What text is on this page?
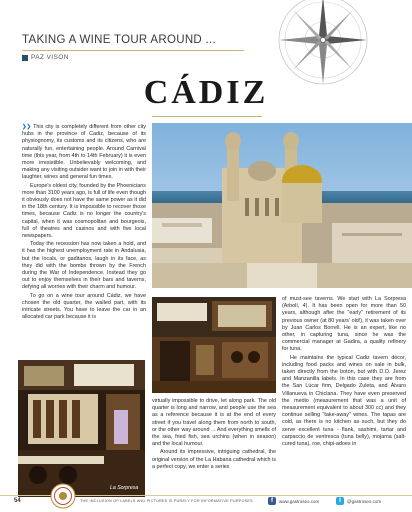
TAKING A WINE TOUR AROUND ...
PAZ VISON
CÁDIZ

❯❯ This city is completely different from other city hubs in the province of Cadiz, because of its physiognomy, its customs and its citizens, who are naturally fun, entertaining people. Around Carnival time (this year, from 4th to 14th February) it is even more irresistible. Unbelievably welcoming, and making any visiting outsider want to join in with their laughter, wines and general fun times.

Europe's oldest city, founded by the Phoenicians more than 3100 years ago, is full of life even though it obviously does not have the same power as it did in the 18th century. It is impossible to recover those times, because Cadiz is no longer the country's capital, when it was cosmopolitan and bourgeois, full of theatres and casinos and with five local newspapers.

Today the recession has now taken a hold, and it has the highest unemployment rate in Andalusia, but the locals, or gaditanos, laugh in its face, as they did with the bombs thrown by the French during the War of Independence. Instead they go out to enjoy themselves in their bars and taverns, defying all worries with their charm and humour.

To go on a wine tour around Cádiz, we have chosen the old quarter, the walled part, with its intricate streets. You have to leave the car in an allocated car park because it is

virtually impossible to drive, let along park. The old quarter is long and narrow, and people use the sea as a reference because it is at the end of every street if you travel along them from north to south, or the other way around ... And everything smells of the sea, fried fish, sea urchins (when in season) and the local humour.

Around its impressive, intriguing cathedral, the original version of the La Habana cathedral which is a perfect copy, we enter a series

of must-see taverns. We start with La Sorpresa (Arbolí, 4). It has been open for more than 50 years, although after the "early" retirement of its previous owner (at 80 years' old!), it was taken over by Juan Carlos Borrell. He is an expert, like no other, in capturing tuna, since he was the commercial manager at Gadira, a quality refinery for tuna.

He maintains the typical Cadiz tavern décor, including food packs and wines on sale in bulk, taken directly from the boton, but with D.O. Jerez and Manzanilla labels. In this case they are from the San Lúcar firm, Delgado Zuleta, and Álvaro Villanueva in Chiclana. They have even preserved the medio (measurement that was a unit of measurement equivalent to about 300 cc) and they continue selling "take-away" wines. The tapas are cold, as there is no kitchen as such, but they do serve excellent tuna - flank, sashimi, tartar and carpaccio de ventresca (tuna belly), mojama (salt-cured tuna), roe, chipi-adoes in

La Sorpresa
54	THE INCLUSION OF LABELS AND PICTURES IS PURELY FOR INFORMATIVE PURPOSES	f	www.gastroseo.com	t	@gastroseo.com
